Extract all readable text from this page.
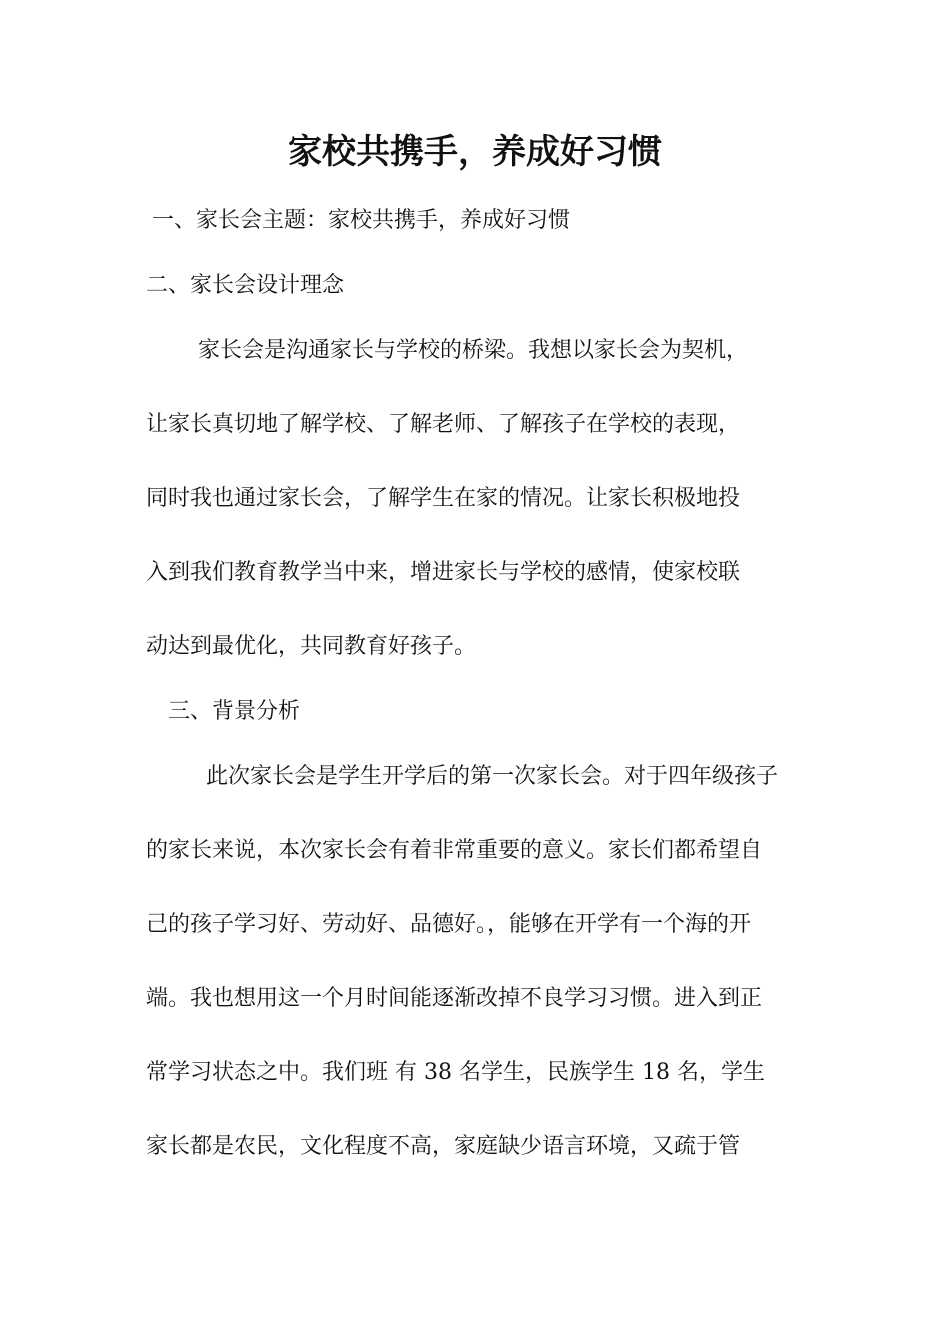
家校共携手，养成好习惯

一、家长会主题：家校共携手，养成好习惯

二、家长会设计理念

家长会是沟通家长与学校的桥梁。我想以家长会为契机，

让家长真切地了解学校、了解老师、了解孩子在学校的表现，

同时我也通过家长会，了解学生在家的情况。让家长积极地投

入到我们教育教学当中来，增进家长与学校的感情，使家校联

动达到最优化，共同教育好孩子。

三、背景分析

此次家长会是学生开学后的第一次家长会。对于四年级孩子

的家长来说，本次家长会有着非常重要的意义。家长们都希望自

己的孩子学习好、劳动好、品德好。，能够在开学有一个海的开

端。我也想用这一个月时间能逐渐改掉不良学习习惯。进入到正

常学习状态之中。我们班 有 38 名学生，民族学生 18 名，学生

家长都是农民，文化程度不高，家庭缺少语言环境，又疏于管
